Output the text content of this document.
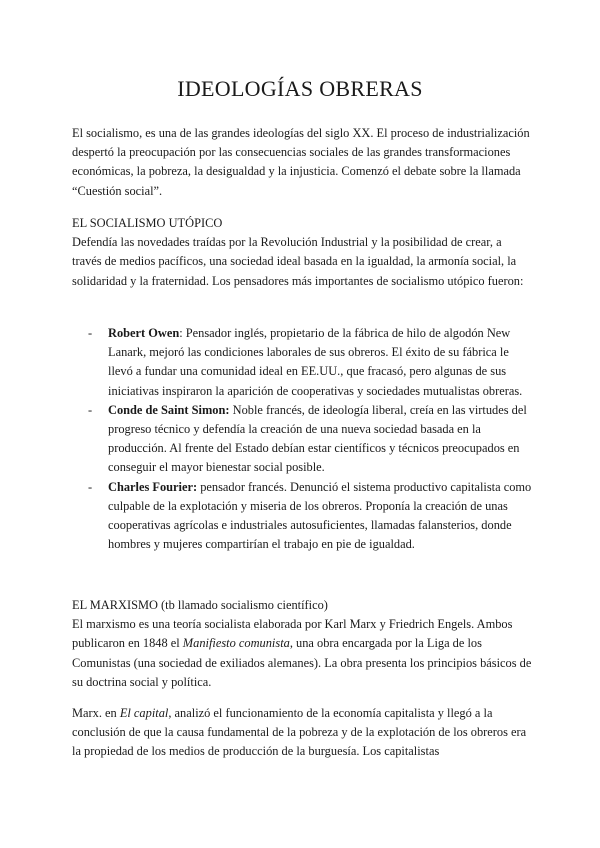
IDEOLOGÍAS OBRERAS

El socialismo, es una de las grandes ideologías del siglo XX. El proceso de industrialización despertó la preocupación por las consecuencias sociales de las grandes transformaciones económicas, la pobreza, la desigualdad y la injusticia. Comenzó el debate sobre la llamada “Cuestión social”.

EL SOCIALISMO UTÓPICO

Defendía las novedades traídas por la Revolución Industrial y la posibilidad de crear, a través de medios pacíficos, una sociedad ideal basada en la igualdad, la armonía social, la solidaridad y la fraternidad. Los pensadores más importantes de socialismo utópico fueron:

- Robert Owen: Pensador inglés, propietario de la fábrica de hilo de algodón New Lanark, mejoró las condiciones laborales de sus obreros. El éxito de su fábrica le llevó a fundar una comunidad ideal en EE.UU., que fracasó, pero algunas de sus iniciativas inspiraron la aparición de cooperativas y sociedades mutualistas obreras.
- Conde de Saint Simon: Noble francés, de ideología liberal, creía en las virtudes del progreso técnico y defendía la creación de una nueva sociedad basada en la producción. Al frente del Estado debían estar científicos y técnicos preocupados en conseguir el mayor bienestar social posible.
- Charles Fourier: pensador francés. Denunció el sistema productivo capitalista como culpable de la explotación y miseria de los obreros. Proponía la creación de unas cooperativas agrícolas e industriales autosuficientes, llamadas falansterios, donde hombres y mujeres compartirían el trabajo en pie de igualdad.

EL MARXISMO (tb llamado socialismo científico)

El marxismo es una teoría socialista elaborada por Karl Marx y Friedrich Engels. Ambos publicaron en 1848 el Manifiesto comunista, una obra encargada por la Liga de los Comunistas (una sociedad de exiliados alemanes). La obra presenta los principios básicos de su doctrina social y política.

Marx. en El capital, analizó el funcionamiento de la economía capitalista y llegó a la conclusión de que la causa fundamental de la pobreza y de la explotación de los obreros era la propiedad de los medios de producción de la burguesía. Los capitalistas
